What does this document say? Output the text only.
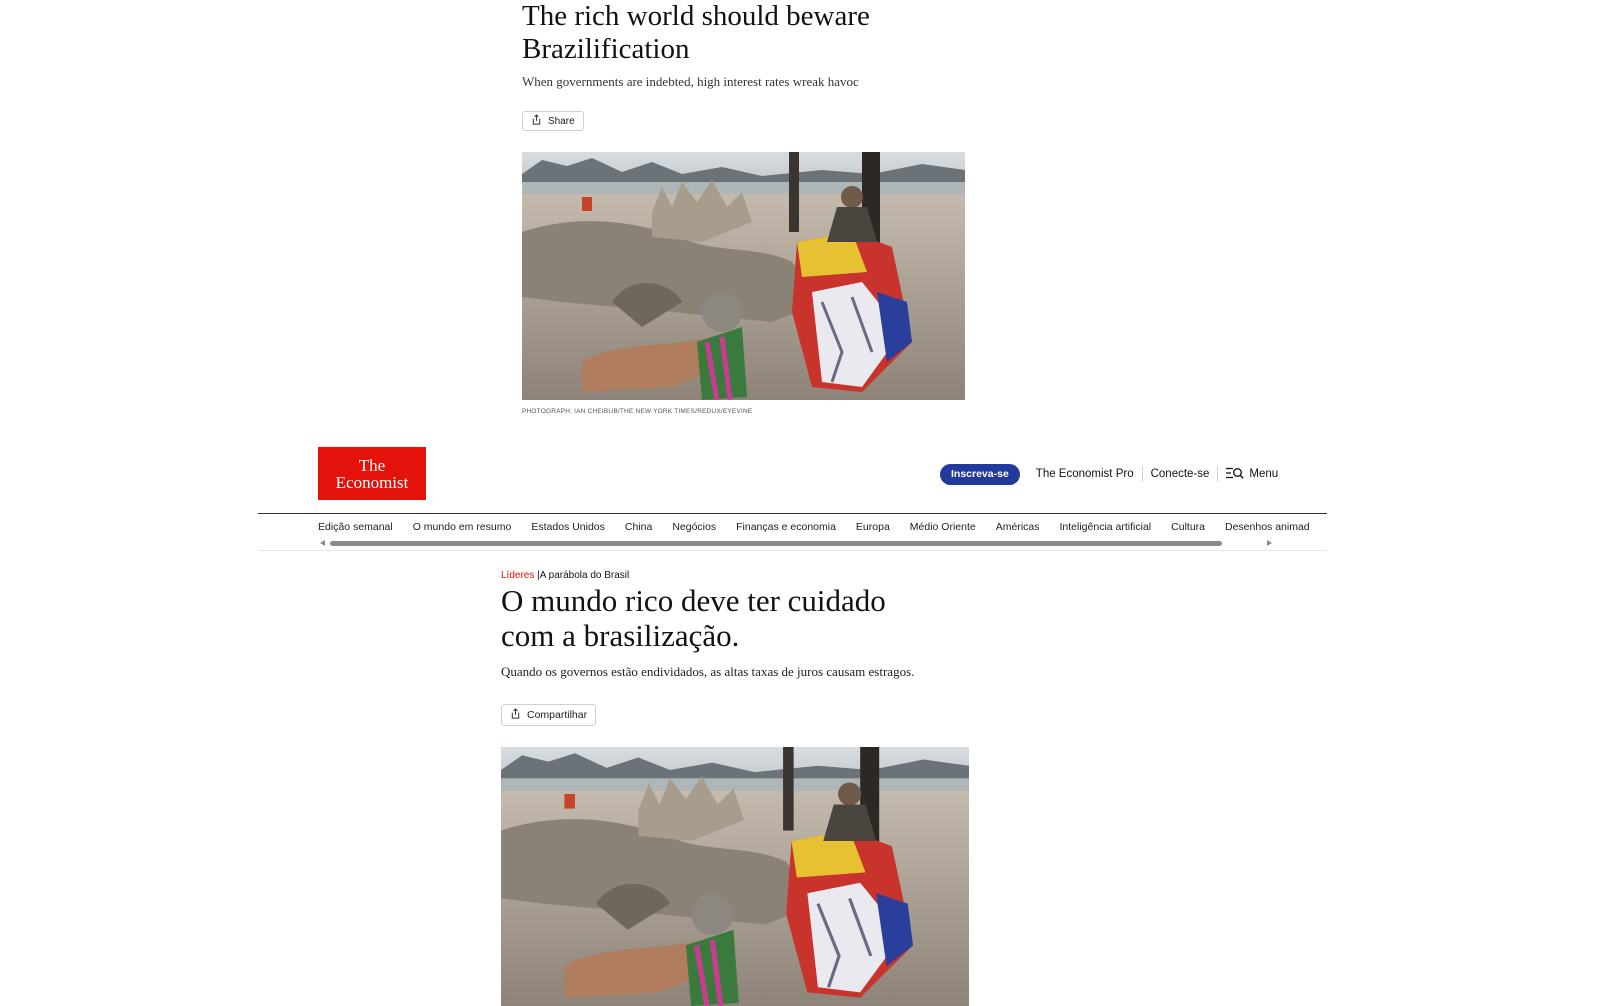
The rich world should beware Brazilification
When governments are indebted, high interest rates wreak havoc
Share
PHOTOGRAPH: IAN CHEIBUB/THE NEW YORK TIMES/REDUX/EYEVINE
The
Economist	Inscreva-se	The Economist Pro	Conecte-se	Menu
Edição semanal	O mundo em resumo	Estados Unidos	China	Negócios	Finanças e economia	Europa	Médio Oriente	Américas	Inteligência artificial	Cultura	Desenhos animad
Líderes |A parábola do Brasil
O mundo rico deve ter cuidado com a brasilização.
Quando os governos estão endividados, as altas taxas de juros causam estragos.
Compartilhar
